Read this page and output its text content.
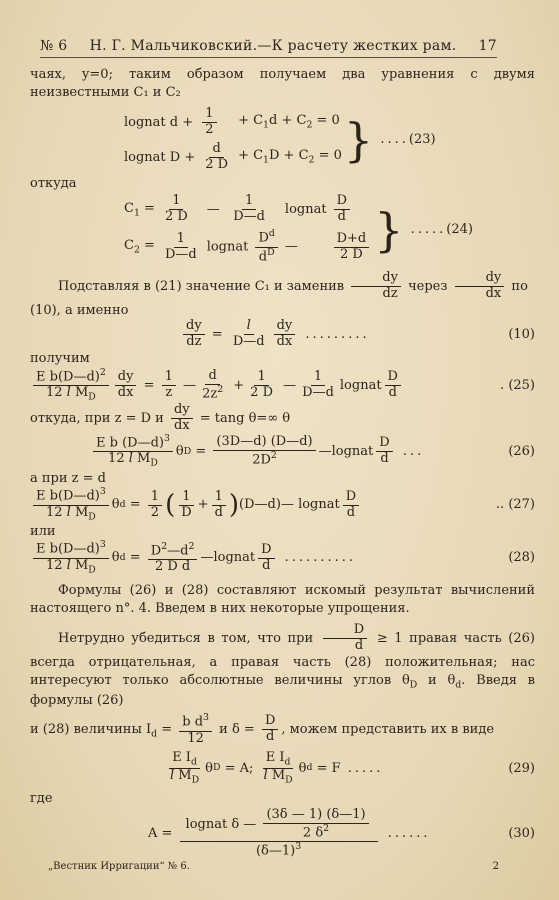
№ 6 Н. Г. Мальчиковский.—К расчету жестких рам. 17

чаях, y=0; таким образом получаем два уравнения с двумя неизвестными C₁ и C₂

lognat d +	$\frac{1}{2}$	+ $C_1d + C_2 = 0$
lognat D +	$\frac{d}{2 D}$	+ $C_1D + C_2 = 0$ } .... (23)

откуда

$C_1$ =	$\frac{1}{2 D}$	—	$\frac{1}{D—d}$	lognat	$\frac{D}{d}$

$C_2$ =	$\frac{1}{D—d}$	lognat $\frac{D^d}{d^D}$		—	$\frac{D+d}{2 D}$ } ..... (24)

Подставляя в (21) значение C₁ и заменив $\frac{dy}{dz}$ через $\frac{dy}{dx}$ по
(10), а именно

dy
dz =
l
D—d
dy
dx .........	(10)

получим

E b(D—d)$^2$
12 l $M_D$
dy
dx =
1
z —
d
$2z^2$ +
1
2 D —
1
D—d lognat
D
d	. (25)

откуда, при z = D и $\frac{dy}{dx} = \tan g$ θ=∞ θ

E b (D—d)$^3$
12 l $M_D$
θ D =
(3D—d) (D—d)
$2D^2$	—lognat
D
d ...	(26)

а при z = d

E b(D—d)$^3$
12 l $M_D$
θ d =
1
2 ( 1
D +
1
d ) (D—d)— lognat
D
d	.. (27)

или

E b(D—d)$^3$
12 l $M_D$
θ $d = D^2—d^2$
2 D d
—lognat
D
d ..........	(28)

Формулы (26) и (28) составляют искомый результат вычислений настоящего n°. 4. Введем в них некоторые упрощения.

Нетрудно убедиться в том, что при $\frac{D}{d} \ge 1$ правая часть (26) всегда отрицательная, а правая часть (28) положительная; нас интересуют только абсолютные величины углов $\theta_D$ и $\theta_d$. Введя в формулы (26)

и (28) величины $I_d = \frac{b d^3}{12}$ и $\delta = \frac{D}{d}$ , можем представить их в виде

E $I_d$
l $M_D$
θ D = A;
E $I_d$
l $M_D$
θ d = F .....	(29)

где

A =
lognat δ — $\frac{(3\delta — 1) (\delta—1)}{2 \delta^2}$
(δ—1)$^3$
......	(30)
„Вестник Ирригации“ № 6.	2
